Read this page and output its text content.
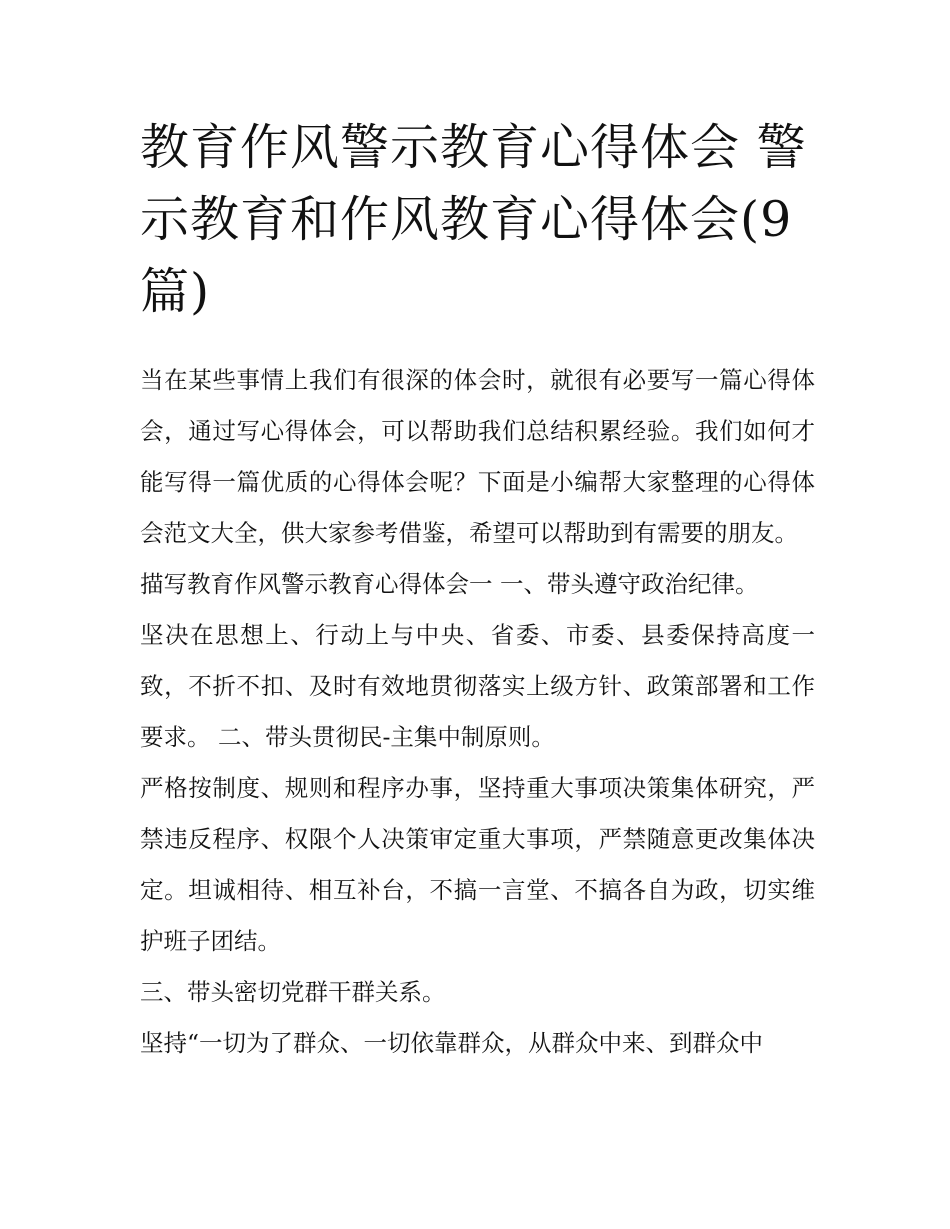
教育作风警示教育心得体会 警示教育和作风教育心得体会(9篇)

当在某些事情上我们有很深的体会时，就很有必要写一篇心得体会，通过写心得体会，可以帮助我们总结积累经验。我们如何才能写得一篇优质的心得体会呢？下面是小编帮大家整理的心得体会范文大全，供大家参考借鉴，希望可以帮助到有需要的朋友。

描写教育作风警示教育心得体会一 一、带头遵守政治纪律。

坚决在思想上、行动上与中央、省委、市委、县委保持高度一致，不折不扣、及时有效地贯彻落实上级方针、政策部署和工作要求。 二、带头贯彻民-主集中制原则。

严格按制度、规则和程序办事，坚持重大事项决策集体研究，严禁违反程序、权限个人决策审定重大事项，严禁随意更改集体决定。坦诚相待、相互补台，不搞一言堂、不搞各自为政，切实维护班子团结。

三、带头密切党群干群关系。

坚持“一切为了群众、一切依靠群众，从群众中来、到群众中
